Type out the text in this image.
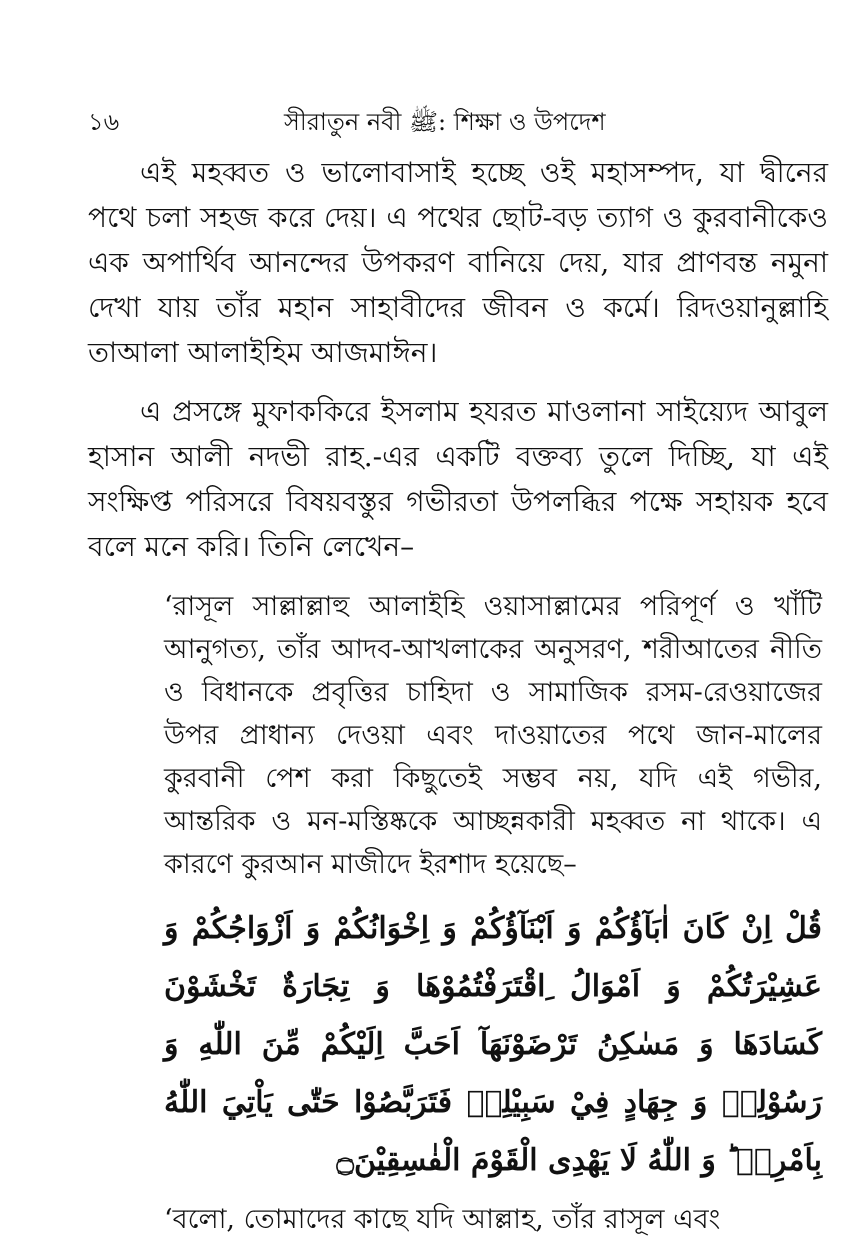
১৬	সীরাতুন নবী ﷺ: শিক্ষা ও উপদেশ

এই মহব্বত ও ভালোবাসাই হচ্ছে ওই মহাসম্পদ, যা দ্বীনের পথে চলা সহজ করে দেয়। এ পথের ছোট-বড় ত্যাগ ও কুরবানীকেও এক অপার্থিব আনন্দের উপকরণ বানিয়ে দেয়, যার প্রাণবন্ত নমুনা দেখা যায় তাঁর মহান সাহাবীদের জীবন ও কর্মে। রিদওয়ানুল্লাহি তাআলা আলাইহিম আজমাঈন।

এ প্রসঙ্গে মুফাককিরে ইসলাম হযরত মাওলানা সাইয়্যেদ আবুল হাসান আলী নদভী রাহ.-এর একটি বক্তব্য তুলে দিচ্ছি, যা এই সংক্ষিপ্ত পরিসরে বিষয়বস্তুর গভীরতা উপলব্ধির পক্ষে সহায়ক হবে বলে মনে করি। তিনি লেখেন–

‘রাসূল সাল্লাল্লাহু আলাইহি ওয়াসাল্লামের পরিপূর্ণ ও খাঁটি আনুগত্য, তাঁর আদব-আখলাকের অনুসরণ, শরীআতের নীতি ও বিধানকে প্রবৃত্তির চাহিদা ও সামাজিক রসম-রেওয়াজের উপর প্রাধান্য দেওয়া এবং দাওয়াতের পথে জান-মালের কুরবানী পেশ করা কিছুতেই সম্ভব নয়, যদি এই গভীর, আন্তরিক ও মন-মস্তিষ্ককে আচ্ছন্নকারী মহব্বত না থাকে। এ কারণে কুরআন মাজীদে ইরশাদ হয়েছে–

قُلْ اِنْ كَانَ اٰبَآؤُكُمْ وَ اَبْنَآؤُكُمْ وَ اِخْوَانُكُمْ وَ اَزْوَاجُكُمْ وَ عَشِيْرَتُكُمْ وَ اَمْوَالُ ِاقْتَرَفْتُمُوْهَا وَ تِجَارَةٌ تَخْشَوْنَ كَسَادَهَا وَ مَسٰكِنُ تَرْضَوْنَهَآ اَحَبَّ اِلَيْكُمْ مِّنَ اللّٰهِ وَ رَسُوْلِهٖ وَ جِهَادٍ فِيْ سَبِيْلِهٖ فَتَرَبَّصُوْا حَتّٰى يَاْتِيَ اللّٰهُ بِاَمْرِهٖ ؕ وَ اللّٰهُ لَا يَهْدِى الْقَوْمَ الْفٰسِقِيْنَ۝

‘বলো, তোমাদের কাছে যদি আল্লাহ, তাঁর রাসূল এবং
